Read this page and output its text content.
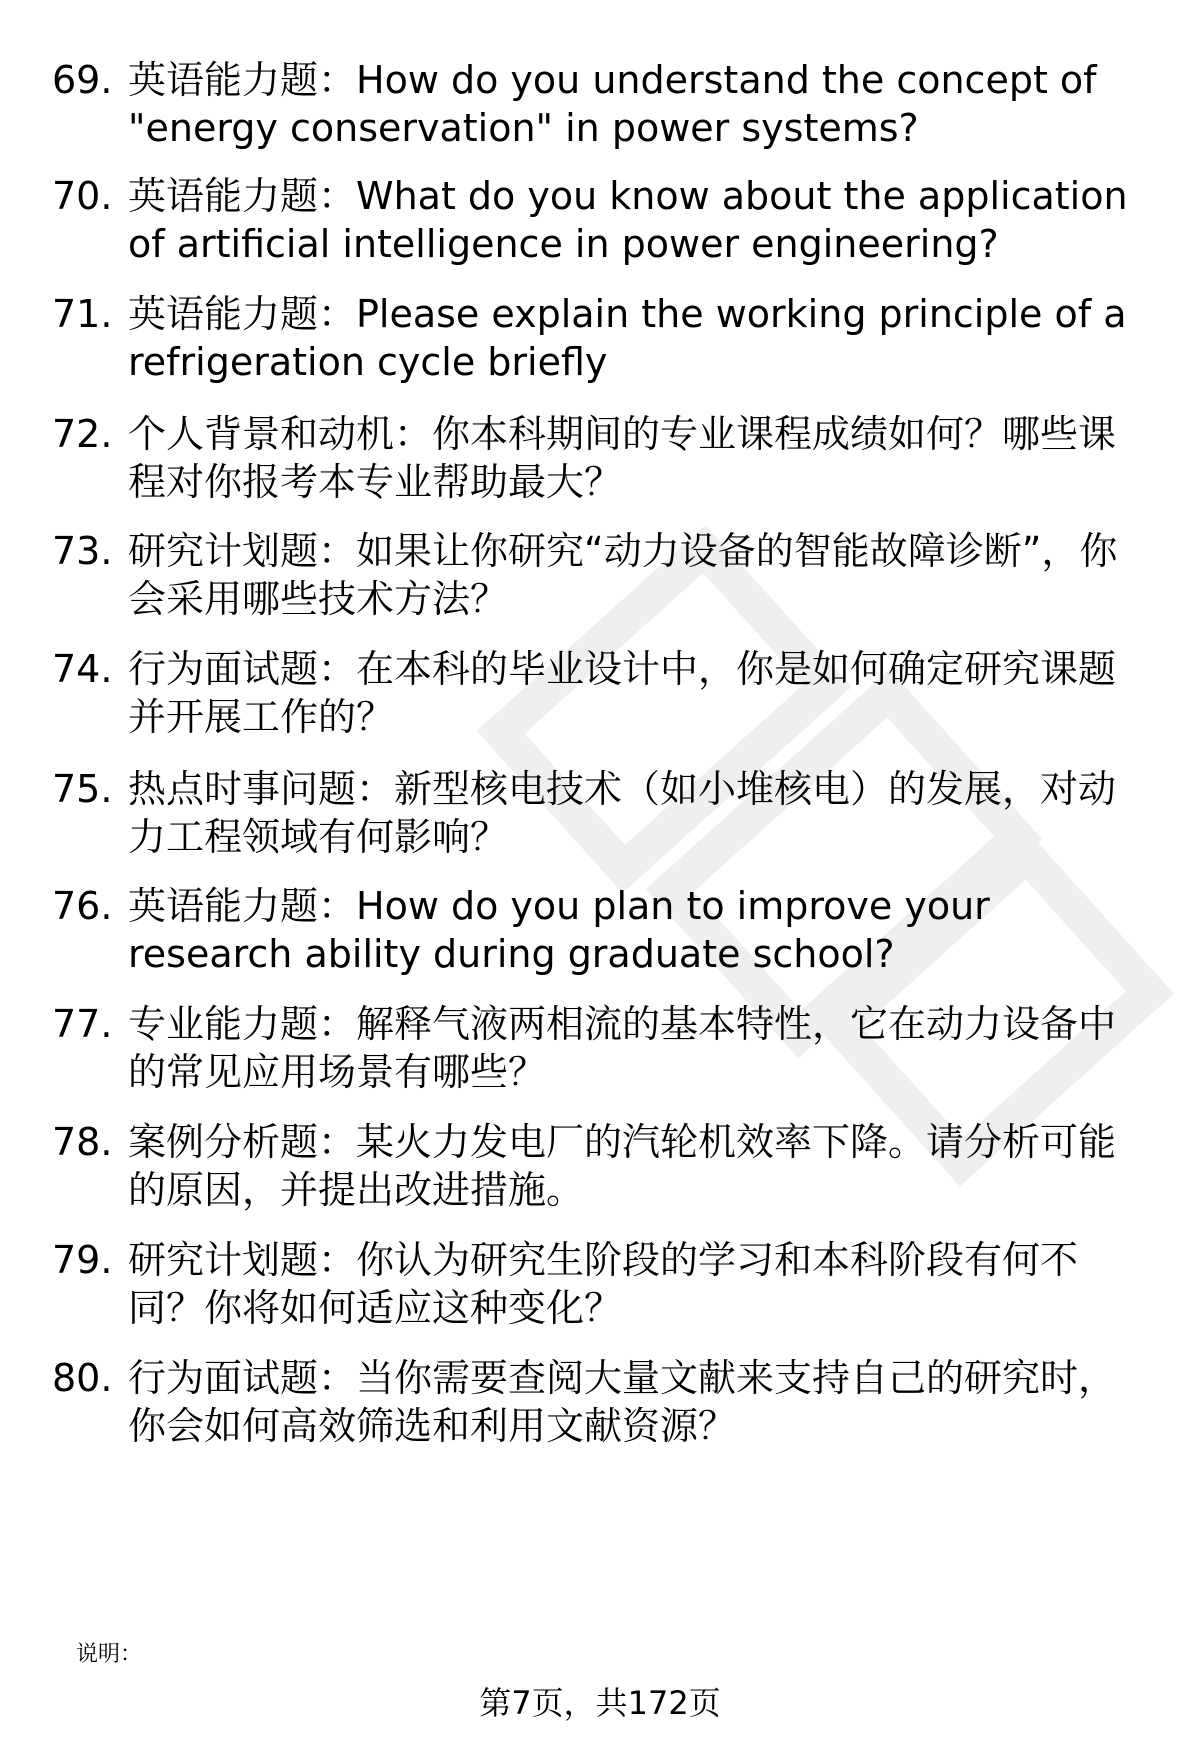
69. 英语能力题：How do you understand the concept of "energy conservation" in power systems?
70. 英语能力题：What do you know about the application of artificial intelligence in power engineering?
71. 英语能力题：Please explain the working principle of a refrigeration cycle briefly
72. 个人背景和动机：你本科期间的专业课程成绩如何？哪些课程对你报考本专业帮助最大？
73. 研究计划题：如果让你研究“动力设备的智能故障诊断”，你会采用哪些技术方法？
74. 行为面试题：在本科的毕业设计中，你是如何确定研究课题并开展工作的？
75. 热点时事问题：新型核电技术（如小堆核电）的发展，对动力工程领域有何影响？
76. 英语能力题：How do you plan to improve your research ability during graduate school?
77. 专业能力题：解释气液两相流的基本特性，它在动力设备中的常见应用场景有哪些？
78. 案例分析题：某火力发电厂的汽轮机效率下降。请分析可能的原因，并提出改进措施。
79. 研究计划题：你认为研究生阶段的学习和本科阶段有何不同？你将如何适应这种变化？
80. 行为面试题：当你需要查阅大量文献来支持自己的研究时，你会如何高效筛选和利用文献资源？
说明：
第7页，共172页
